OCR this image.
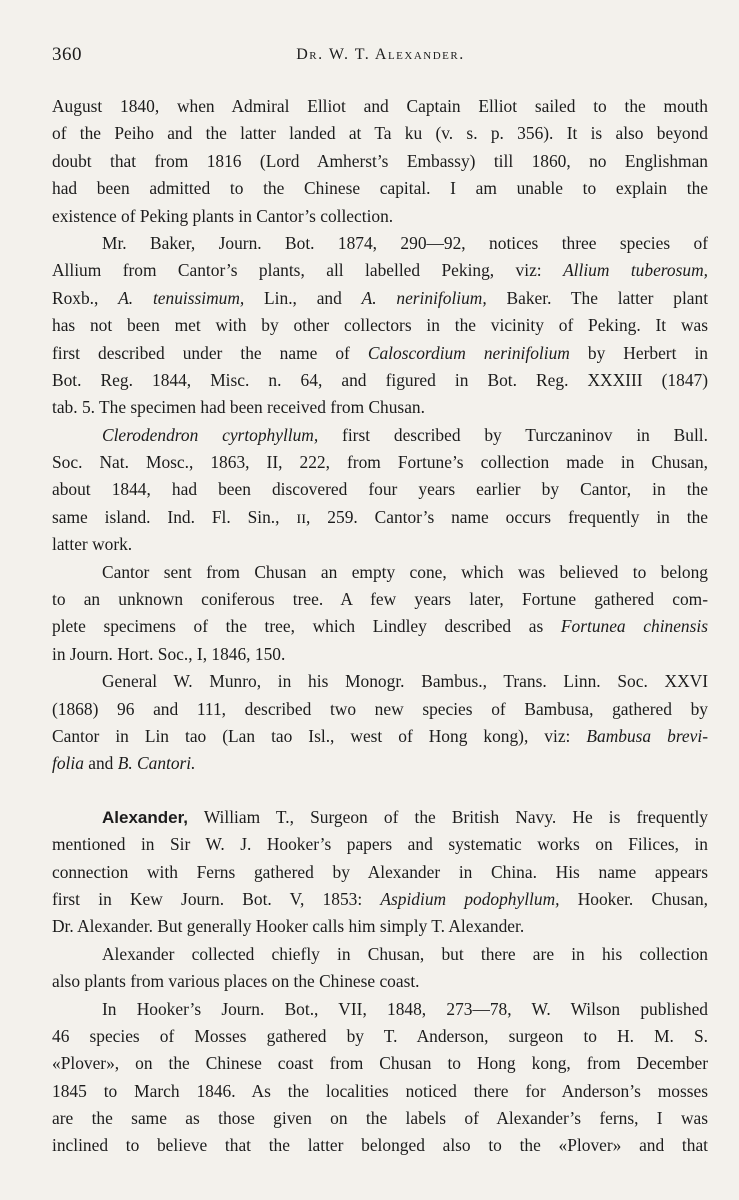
360	Dr. W. T. Alexander.
August 1840, when Admiral Elliot and Captain Elliot sailed to the mouth
of the Peiho and the latter landed at Ta ku (v. s. p. 356). It is also beyond
doubt that from 1816 (Lord Amherst’s Embassy) till 1860, no Englishman
had been admitted to the Chinese capital. I am unable to explain the
existence of Peking plants in Cantor’s collection.
Mr. Baker, Journ. Bot. 1874, 290—92, notices three species of
Allium from Cantor’s plants, all labelled Peking, viz: Allium tuberosum,
Roxb., A. tenuissimum, Lin., and A. nerinifolium, Baker. The latter plant
has not been met with by other collectors in the vicinity of Peking. It was
first described under the name of Caloscordium nerinifolium by Herbert in
Bot. Reg. 1844, Misc. n. 64, and figured in Bot. Reg. XXXIII (1847)
tab. 5. The specimen had been received from Chusan.
Clerodendron cyrtophyllum, first described by Turczaninov in Bull.
Soc. Nat. Mosc., 1863, II, 222, from Fortune’s collection made in Chusan,
about 1844, had been discovered four years earlier by Cantor, in the
same island. Ind. Fl. Sin., ɪɪ, 259. Cantor’s name occurs frequently in the
latter work.
Cantor sent from Chusan an empty cone, which was believed to belong
to an unknown coniferous tree. A few years later, Fortune gathered com-
plete specimens of the tree, which Lindley described as Fortunea chinensis
in Journ. Hort. Soc., I, 1846, 150.
General W. Munro, in his Monogr. Bambus., Trans. Linn. Soc. XXVI
(1868) 96 and 111, described two new species of Bambusa, gathered by
Cantor in Lin tao (Lan tao Isl., west of Hong kong), viz: Bambusa brevi-
folia and B. Cantori.
Alexander, William T., Surgeon of the British Navy. He is frequently
mentioned in Sir W. J. Hooker’s papers and systematic works on Filices, in
connection with Ferns gathered by Alexander in China. His name appears
first in Kew Journ. Bot. V, 1853: Aspidium podophyllum, Hooker. Chusan,
Dr. Alexander. But generally Hooker calls him simply T. Alexander.
Alexander collected chiefly in Chusan, but there are in his collection
also plants from various places on the Chinese coast.
In Hooker’s Journ. Bot., VII, 1848, 273—78, W. Wilson published
46 species of Mosses gathered by T. Anderson, surgeon to H. M. S.
«Plover», on the Chinese coast from Chusan to Hong kong, from December
1845 to March 1846. As the localities noticed there for Anderson’s mosses
are the same as those given on the labels of Alexander’s ferns, I was
inclined to believe that the latter belonged also to the «Plover» and that
